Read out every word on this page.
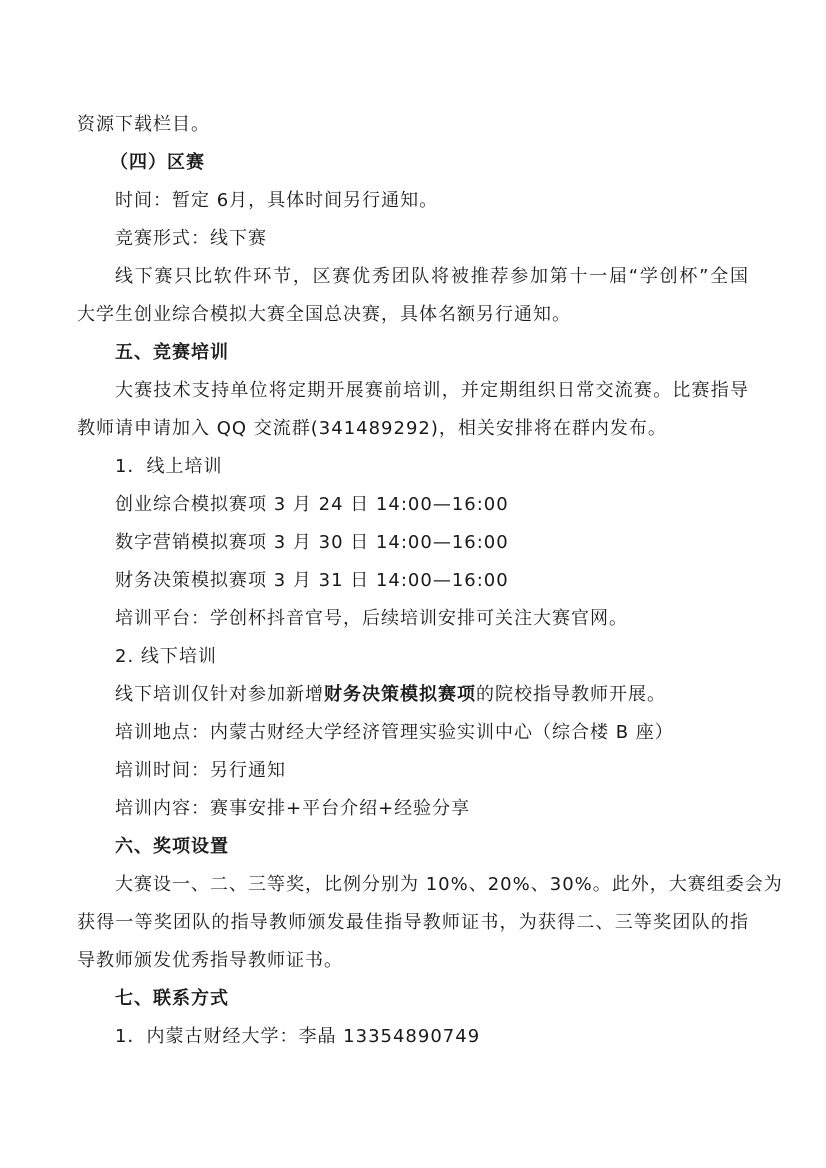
资源下载栏目。
（四）区赛
时间：暂定 6月，具体时间另行通知。
竞赛形式：线下赛
线下赛只比软件环节，区赛优秀团队将被推荐参加第十一届“学创杯”全国
大学生创业综合模拟大赛全国总决赛，具体名额另行通知。
五、竞赛培训
大赛技术支持单位将定期开展赛前培训，并定期组织日常交流赛。比赛指导
教师请申请加入 QQ 交流群(341489292)，相关安排将在群内发布。
1．线上培训
创业综合模拟赛项 3 月 24 日 14:00—16:00
数字营销模拟赛项 3 月 30 日 14:00—16:00
财务决策模拟赛项 3 月 31 日 14:00—16:00
培训平台：学创杯抖音官号，后续培训安排可关注大赛官网。
2. 线下培训
线下培训仅针对参加新增财务决策模拟赛项的院校指导教师开展。
培训地点：内蒙古财经大学经济管理实验实训中心（综合楼 B 座）
培训时间：另行通知
培训内容：赛事安排+平台介绍+经验分享
六、奖项设置
大赛设一、二、三等奖，比例分别为 10%、20%、30%。此外，大赛组委会为
获得一等奖团队的指导教师颁发最佳指导教师证书，为获得二、三等奖团队的指
导教师颁发优秀指导教师证书。
七、联系方式
1．内蒙古财经大学：李晶 13354890749
